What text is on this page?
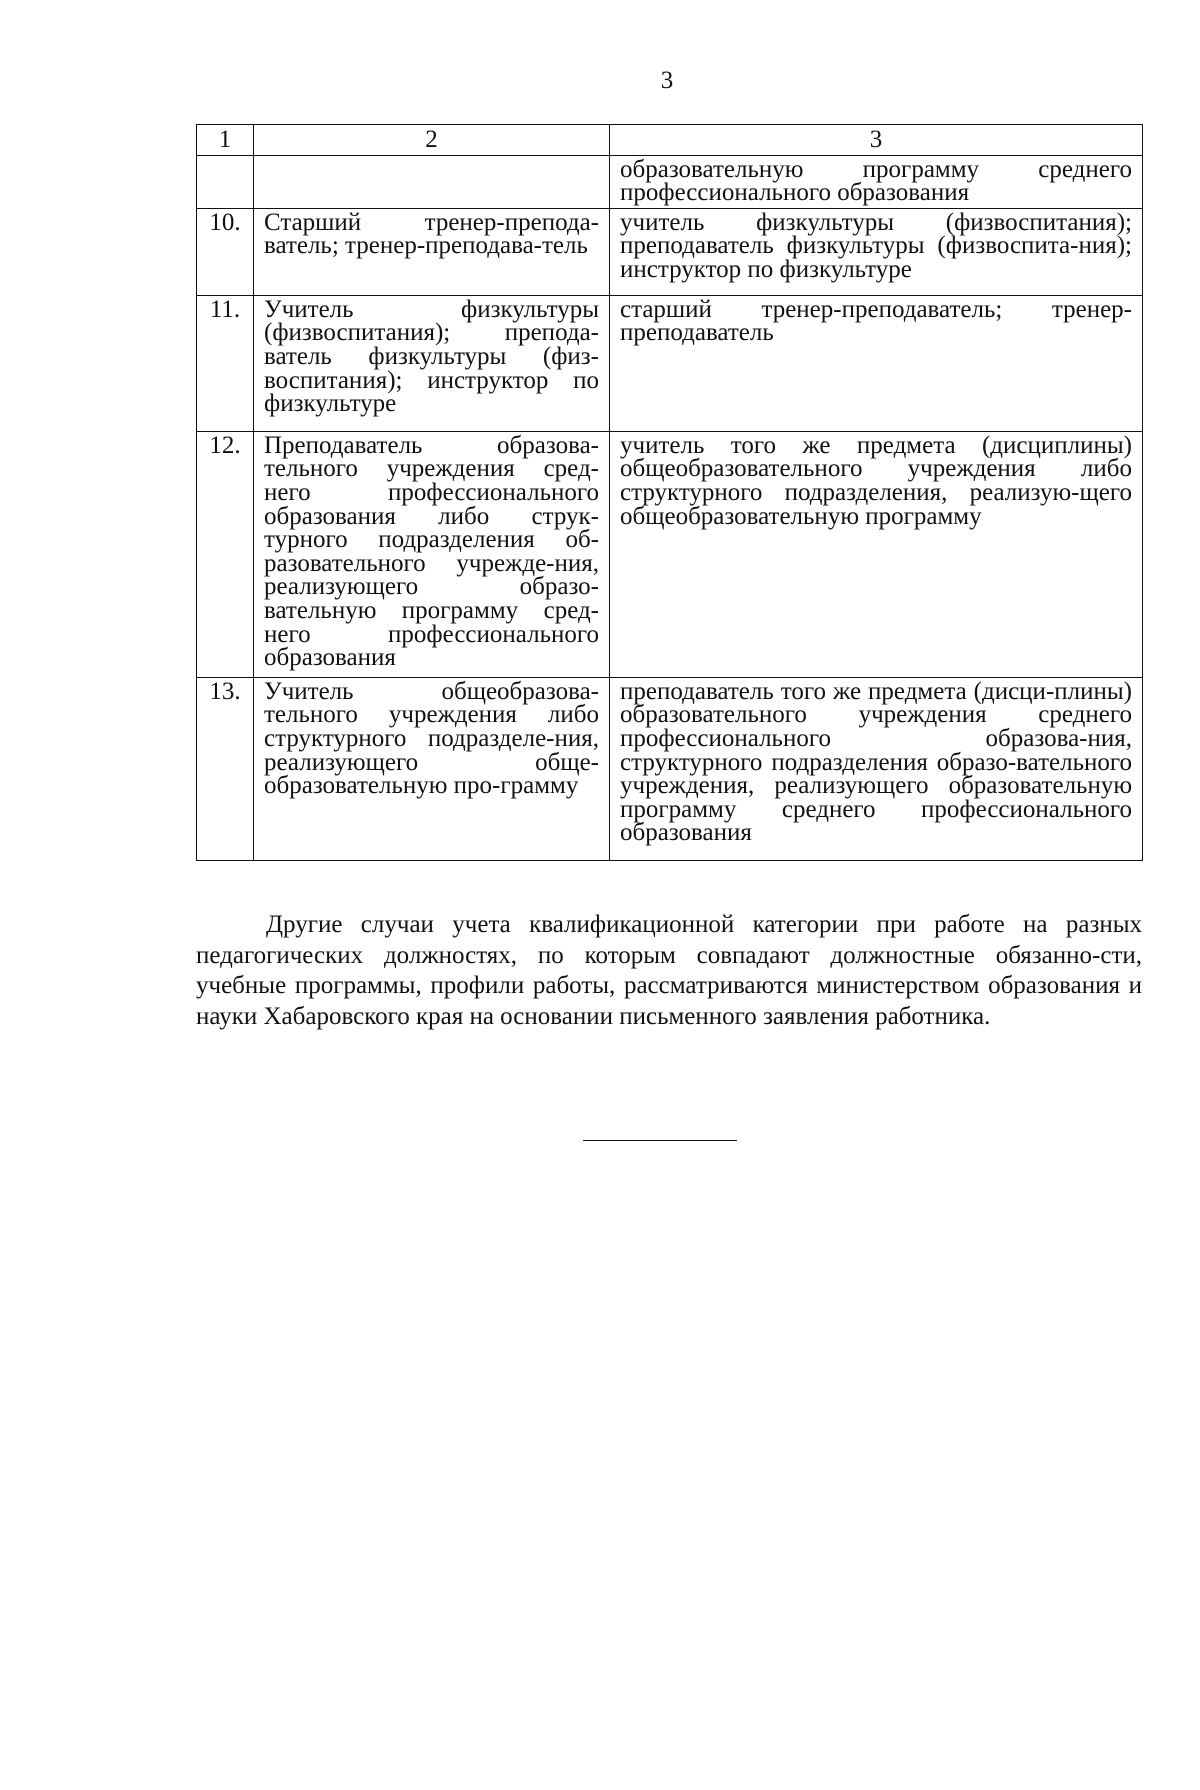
3
1	2	3
		образовательную программу среднего профессионального образования
10.	Старший тренер-препода-ватель; тренер-преподава-тель	учитель физкультуры (физвоспитания); преподаватель физкультуры (физвоспита-ния); инструктор по физкультуре
11.	Учитель физкультуры (физвоспитания); препода-ватель физкультуры (физ-воспитания); инструктор по физкультуре	старший тренер-преподаватель; тренер-преподаватель
12.	Преподаватель образова-тельного учреждения сред-него профессионального образования либо струк-турного подразделения об-разовательного учрежде-ния, реализующего образо-вательную программу сред-него профессионального образования	учитель того же предмета (дисциплины) общеобразовательного учреждения либо структурного подразделения, реализую-щего общеобразовательную программу
13.	Учитель общеобразова-тельного учреждения либо структурного подразделе-ния, реализующего обще-образовательную про-грамму	преподаватель того же предмета (дисци-плины) образовательного учреждения среднего профессионального образова-ния, структурного подразделения образо-вательного учреждения, реализующего образовательную программу среднего профессионального образования

Другие случаи учета квалификационной категории при работе на разных педагогических должностях, по которым совпадают должностные обязанно-сти, учебные программы, профили работы, рассматриваются министерством образования и науки Хабаровского края на основании письменного заявления работника.
